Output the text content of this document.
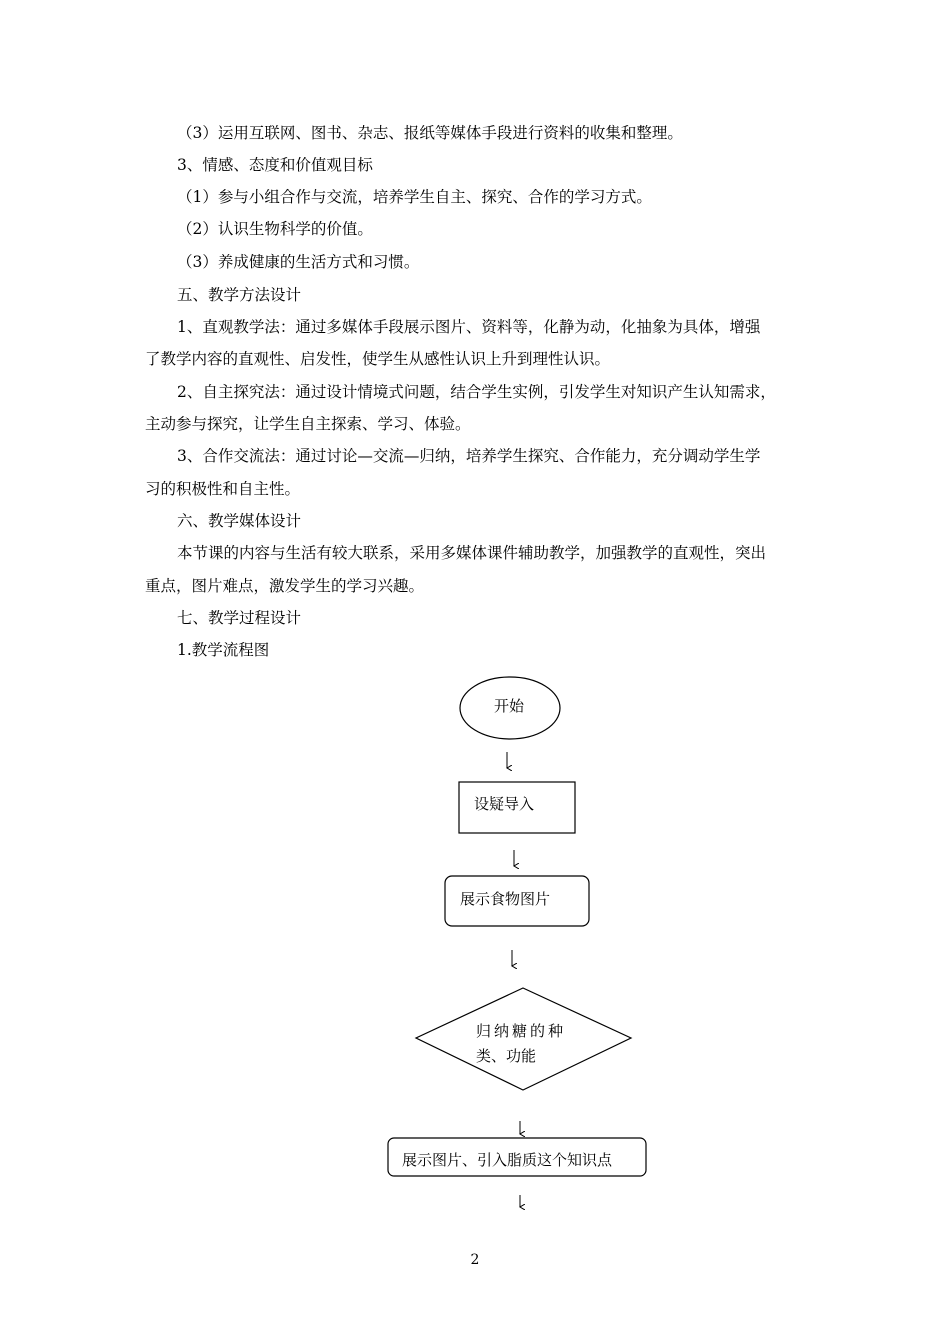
（3）运用互联网、图书、杂志、报纸等媒体手段进行资料的收集和整理。
3、情感、态度和价值观目标
（1）参与小组合作与交流，培养学生自主、探究、合作的学习方式。
（2）认识生物科学的价值。
（3）养成健康的生活方式和习惯。
五、教学方法设计
1、直观教学法：通过多媒体手段展示图片、资料等，化静为动，化抽象为具体，增强
了教学内容的直观性、启发性，使学生从感性认识上升到理性认识。
2、自主探究法：通过设计情境式问题，结合学生实例，引发学生对知识产生认知需求，
主动参与探究，让学生自主探索、学习、体验。
3、合作交流法：通过讨论—交流—归纳，培养学生探究、合作能力，充分调动学生学
习的积极性和自主性。
六、教学媒体设计
本节课的内容与生活有较大联系，采用多媒体课件辅助教学，加强教学的直观性，突出
重点，图片难点，激发学生的学习兴趣。
七、教学过程设计
1.教学流程图
开始
设疑导入
展示食物图片
归纳糖的种
类、功能
展示图片、引入脂质这个知识点
2
